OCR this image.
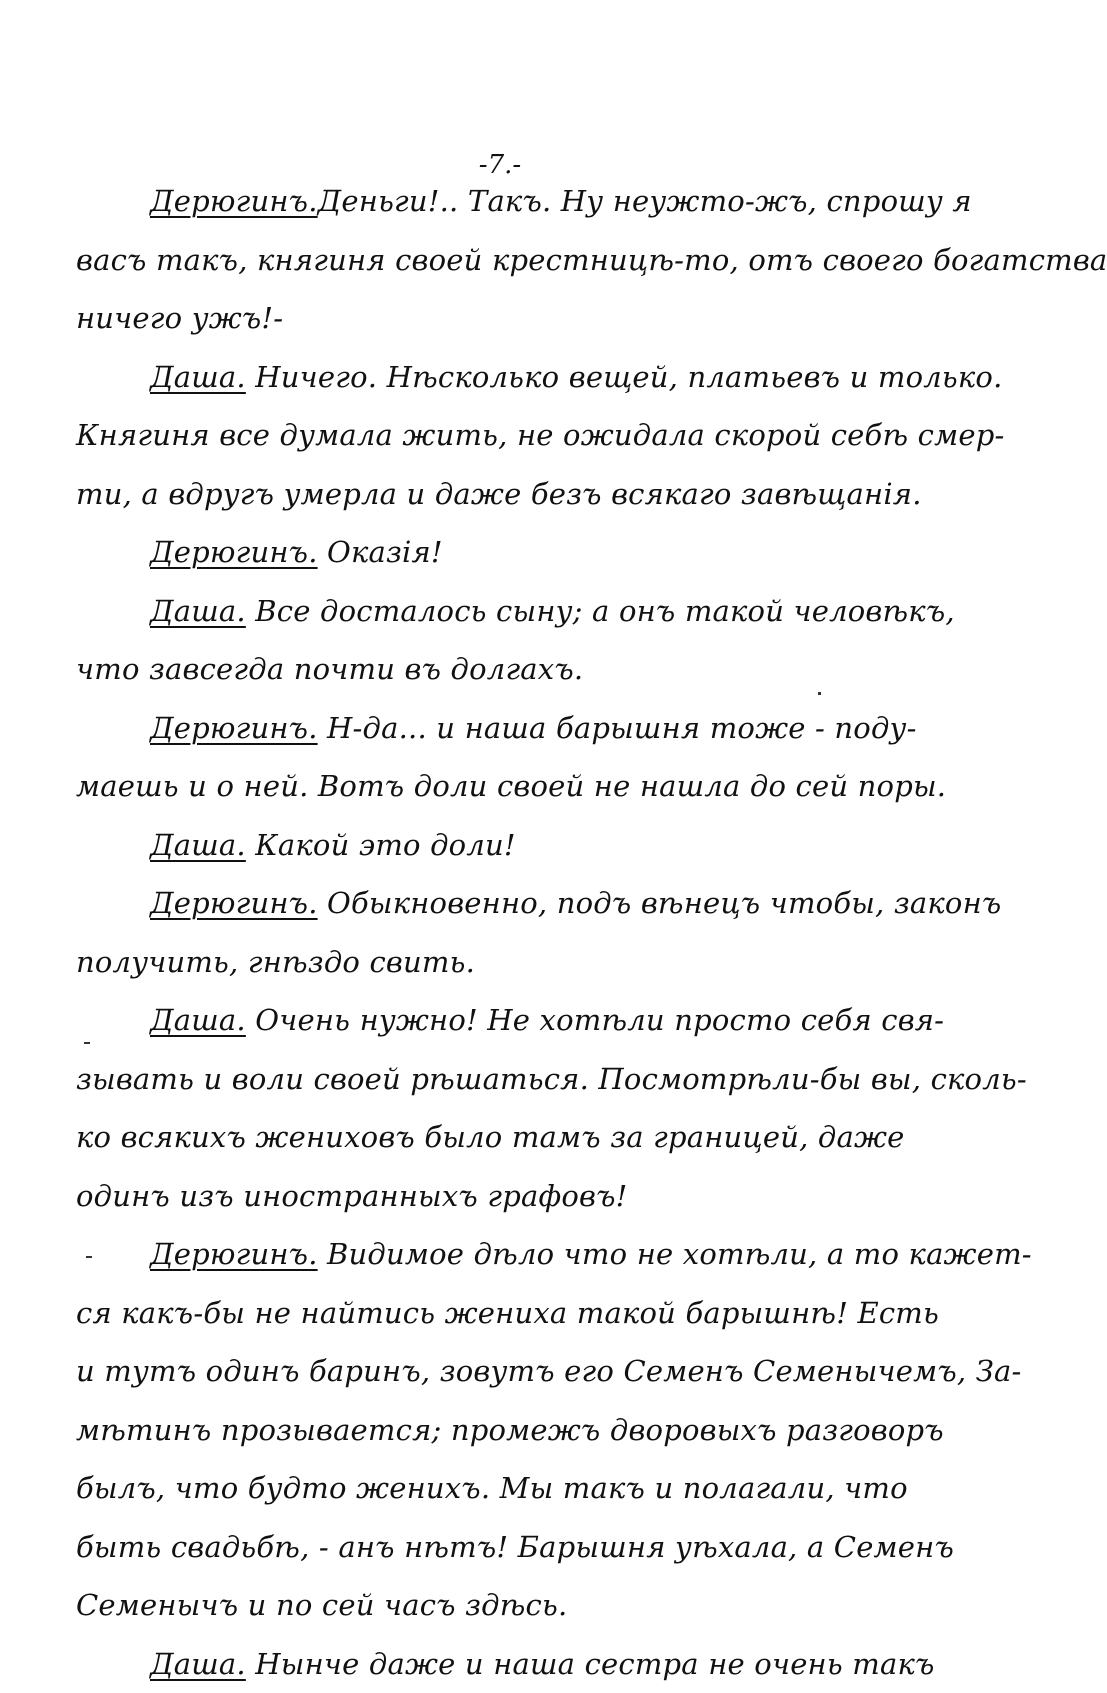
-7.-
Дерюгинъ.Деньги!.. Такъ. Ну неужто-жъ, спрошу я
васъ такъ, княгиня своей крестницѣ-то, отъ своего богатства
ничего ужъ!-
Даша. Ничего. Нѣсколько вещей, платьевъ и только.
Княгиня все думала жить, не ожидала скорой себѣ смер-
ти, а вдругъ умерла и даже безъ всякаго завѣщанія.
Дерюгинъ. Оказія!
Даша. Все досталось сыну; а онъ такой человѣкъ,
что завсегда почти въ долгахъ.
Дерюгинъ. Н-да... и наша барышня тоже - поду-
маешь и о ней. Вотъ доли своей не нашла до сей поры.
Даша. Какой это доли!
Дерюгинъ. Обыкновенно, подъ вѣнецъ чтобы, законъ
получить, гнѣздо свить.
Даша. Очень нужно! Не хотѣли просто себя свя-
зывать и воли своей рѣшаться. Посмотрѣли-бы вы, сколь-
ко всякихъ жениховъ было тамъ за границей, даже
одинъ изъ иностранныхъ графовъ!
Дерюгинъ. Видимое дѣло что не хотѣли, а то кажет-
ся какъ-бы не найтись жениха такой барышнѣ! Есть
и тутъ одинъ баринъ, зовутъ его Семенъ Семенычемъ, За-
мѣтинъ прозывается; промежъ дворовыхъ разговоръ
былъ, что будто женихъ. Мы такъ и полагали, что
быть свадьбѣ, - анъ нѣтъ! Барышня уѣхала, а Семенъ
Семенычъ и по сей часъ здѣсь.
Даша. Нынче даже и наша сестра не очень такъ
